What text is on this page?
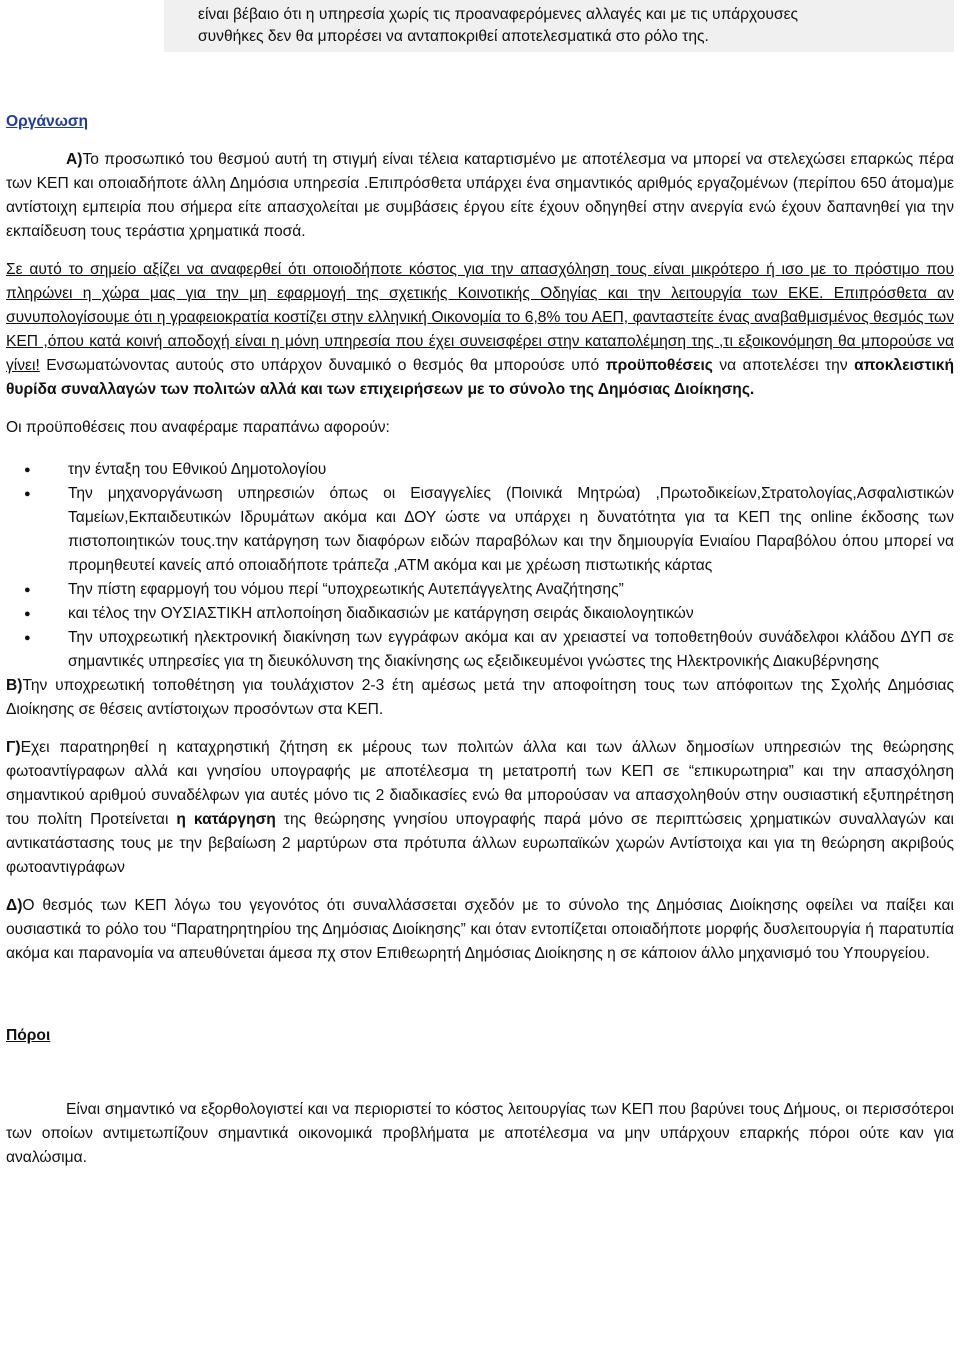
είναι βέβαιο ότι η υπηρεσία χωρίς τις προαναφερόμενες αλλαγές και με τις υπάρχουσες

συνθήκες δεν θα μπορέσει να ανταποκριθεί αποτελεσματικά στο ρόλο της.

Οργάνωση

Α)Το προσωπικό του θεσμού αυτή τη στιγμή είναι τέλεια καταρτισμένο με αποτέλεσμα να μπορεί να στελεχώσει επαρκώς πέρα των ΚΕΠ και οποιαδήποτε άλλη Δημόσια υπηρεσία .Επιπρόσθετα υπάρχει ένα σημαντικός αριθμός εργαζομένων (περίπου 650 άτομα)με αντίστοιχη εμπειρία που σήμερα είτε απασχολείται με συμβάσεις έργου είτε έχουν οδηγηθεί στην ανεργία ενώ έχουν δαπανηθεί για την εκπαίδευση τους τεράστια χρηματικά ποσά.

Σε αυτό το σημείο αξίζει να αναφερθεί ότι οποιοδήποτε κόστος για την απασχόληση τους είναι μικρότερο ή ισο με το πρόστιμο που πληρώνει η χώρα μας για την μη εφαρμογή της σχετικής Κοινοτικής Οδηγίας και την λειτουργία των ΕΚΕ. Επιπρόσθετα αν συνυπολογίσουμε ότι η γραφειοκρατία κοστίζει στην ελληνική Οικονομία το 6,8% του ΑΕΠ, φανταστείτε ένας αναβαθμισμένος θεσμός των ΚΕΠ ,όπου κατά κοινή αποδοχή είναι η μόνη υπηρεσία που έχει συνεισφέρει στην καταπολέμηση της ,τι εξοικονόμηση θα μπορούσε να γίνει! Ενσωματώνοντας αυτούς στο υπάρχον δυναμικό ο θεσμός θα μπορούσε υπό προϋποθέσεις να αποτελέσει την αποκλειστική θυρίδα συναλλαγών των πολιτών αλλά και των επιχειρήσεων με το σύνολο της Δημόσιας Διοίκησης.

Οι προϋποθέσεις που αναφέραμε παραπάνω αφορούν:

● την ένταξη του Εθνικού Δημοτολογίου
● Την μηχανοργάνωση υπηρεσιών όπως οι Εισαγγελίες (Ποινικά Μητρώα) ,Πρωτοδικείων,Στρατολογίας,Ασφαλιστικών Ταμείων,Εκπαιδευτικών Ιδρυμάτων ακόμα και ΔΟΥ ώστε να υπάρχει η δυνατότητα για τα ΚΕΠ της online έκδοσης των πιστοποιητικών τους.την κατάργηση των διαφόρων ειδών παραβόλων και την δημιουργία Ενιαίου Παραβόλου όπου μπορεί να προμηθευτεί κανείς από οποιαδήποτε τράπεζα ,ΑΤΜ ακόμα και με χρέωση πιστωτικής κάρτας
● Την πίστη εφαρμογή του νόμου περί “υποχρεωτικής Αυτεπάγγελτης Αναζήτησης”
● και τέλος την ΟΥΣΙΑΣΤΙΚΗ απλοποίηση διαδικασιών με κατάργηση σειράς δικαιολογητικών
● Την υποχρεωτική ηλεκτρονική διακίνηση των εγγράφων ακόμα και αν χρειαστεί να τοποθετηθούν συνάδελφοι κλάδου ΔΥΠ σε σημαντικές υπηρεσίες για τη διευκόλυνση της διακίνησης ως εξειδικευμένοι γνώστες της Ηλεκτρονικής Διακυβέρνησης

Β)Την υποχρεωτική τοποθέτηση για τουλάχιστον 2-3 έτη αμέσως μετά την αποφοίτηση τους των απόφοιτων της Σχολής Δημόσιας Διοίκησης σε θέσεις αντίστοιχων προσόντων στα ΚΕΠ.

Γ)Εχει παρατηρηθεί η καταχρηστική ζήτηση εκ μέρους των πολιτών άλλα και των άλλων δημοσίων υπηρεσιών της θεώρησης φωτοαντίγραφων αλλά και γνησίου υπογραφής με αποτέλεσμα τη μετατροπή των ΚΕΠ σε “επικυρωτηρια” και την απασχόληση σημαντικού αριθμού συναδέλφων για αυτές μόνο τις 2 διαδικασίες ενώ θα μπορούσαν να απασχοληθούν στην ουσιαστική εξυπηρέτηση του πολίτη Προτείνεται η κατάργηση της θεώρησης γνησίου υπογραφής παρά μόνο σε περιπτώσεις χρηματικών συναλλαγών και αντικατάστασης τους με την βεβαίωση 2 μαρτύρων στα πρότυπα άλλων ευρωπαϊκών χωρών Αντίστοιχα και για τη θεώρηση ακριβούς φωτοαντιγράφων

Δ)Ο θεσμός των ΚΕΠ λόγω του γεγονότος ότι συναλλάσσεται σχεδόν με το σύνολο της Δημόσιας Διοίκησης οφείλει να παίξει και ουσιαστικά το ρόλο του “Παρατηρητηρίου της Δημόσιας Διοίκησης” και όταν εντοπίζεται οποιαδήποτε μορφής δυσλειτουργία ή παρατυπία ακόμα και παρανομία να απευθύνεται άμεσα πχ στον Επιθεωρητή Δημόσιας Διοίκησης η σε κάποιον άλλο μηχανισμό του Υπουργείου.

Πόροι

Είναι σημαντικό να εξορθολογιστεί και να περιοριστεί το κόστος λειτουργίας των ΚΕΠ που βαρύνει τους Δήμους, οι περισσότεροι των οποίων αντιμετωπίζουν σημαντικά οικονομικά προβλήματα με αποτέλεσμα να μην υπάρχουν επαρκής πόροι ούτε καν για αναλώσιμα.
